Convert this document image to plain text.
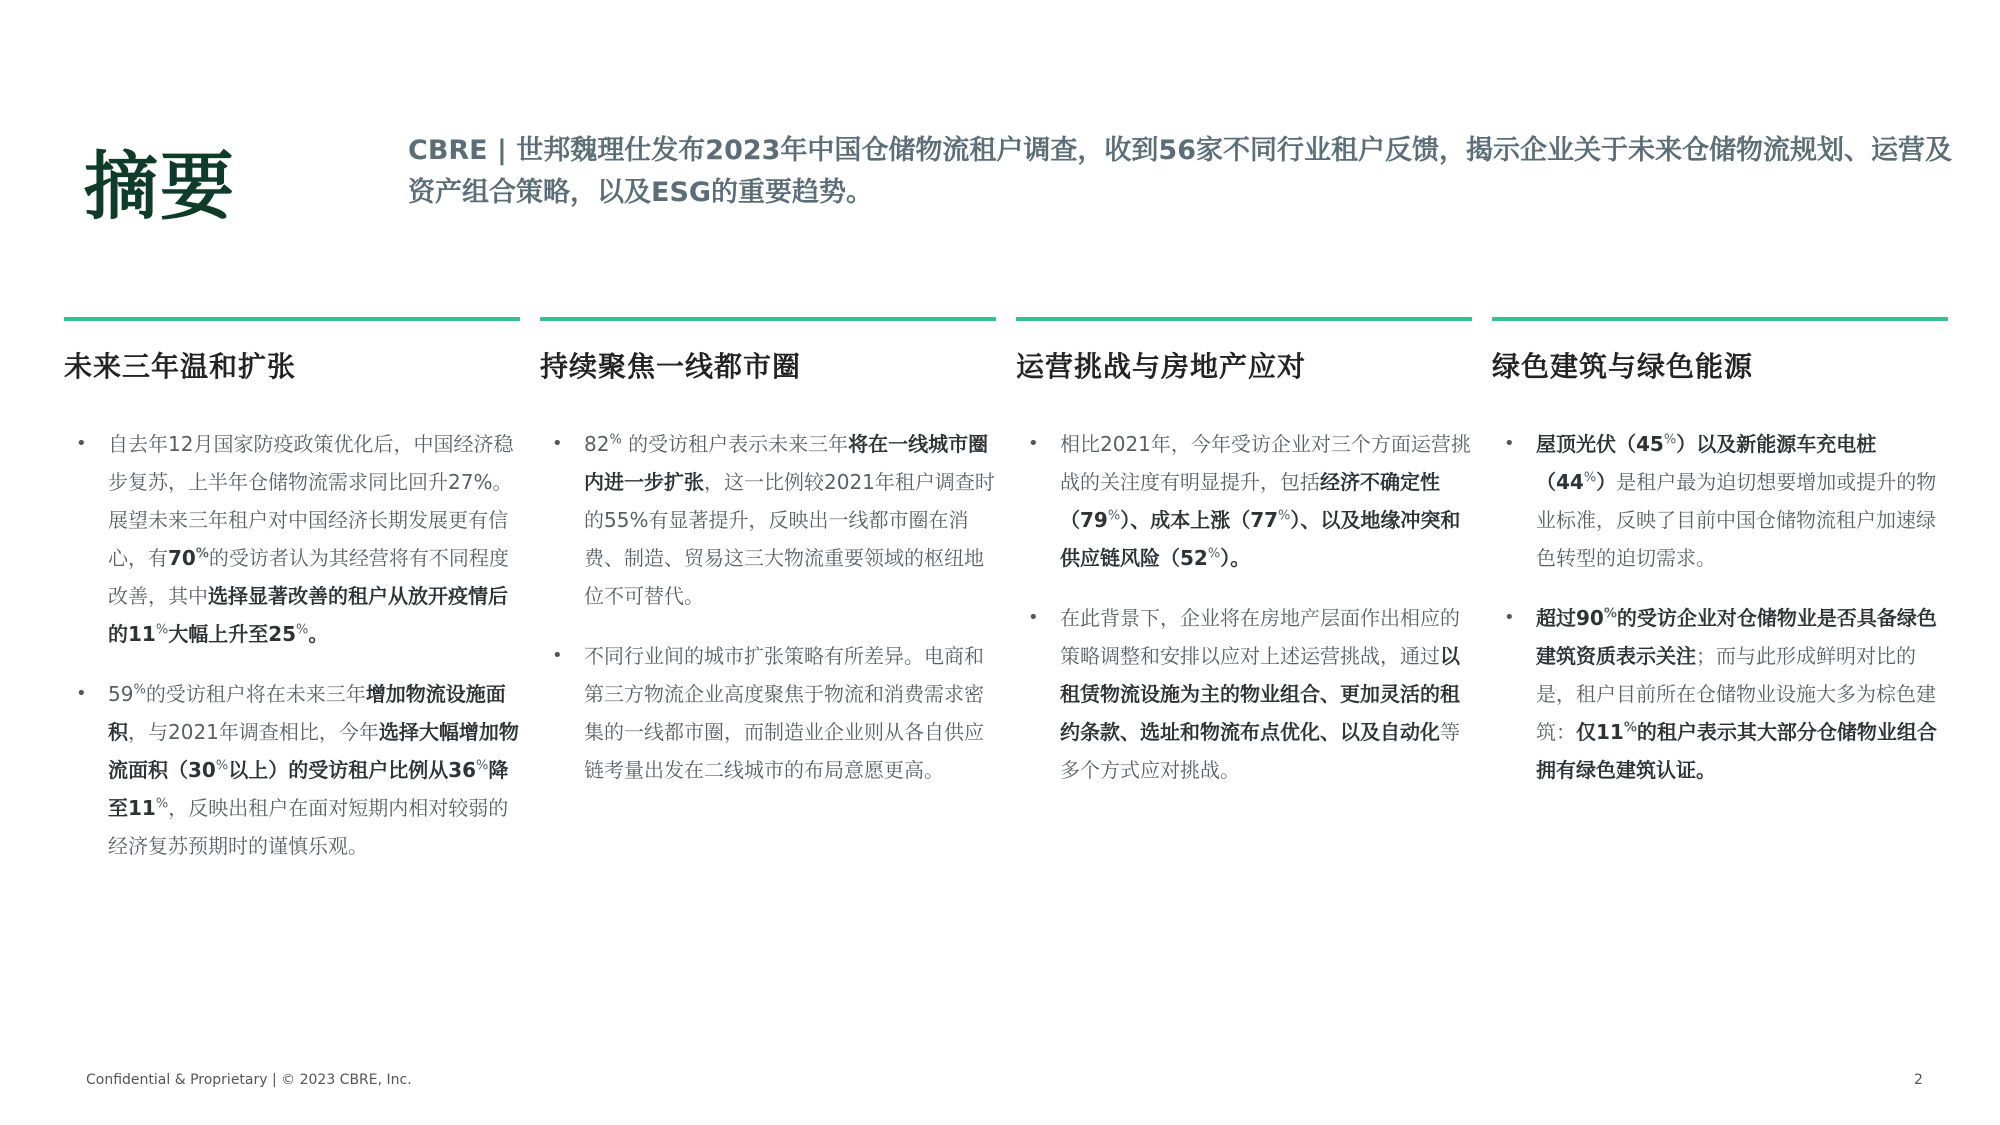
摘要	CBRE | 世邦魏理仕发布2023年中国仓储物流租户调查，收到56家不同行业租户反馈，揭示企业关于未来仓储物流规划、运营及资产组合策略，以及ESG的重要趋势。

未来三年温和扩张
• 自去年12月国家防疫政策优化后，中国经济稳步复苏，上半年仓储物流需求同比回升27%。展望未来三年租户对中国经济长期发展更有信心，有70%的受访者认为其经营将有不同程度改善，其中选择显著改善的租户从放开疫情后的11%大幅上升至25%。
• 59%的受访租户将在未来三年增加物流设施面积，与2021年调查相比，今年选择大幅增加物流面积（30%以上）的受访租户比例从36%降至11%，反映出租户在面对短期内相对较弱的经济复苏预期时的谨慎乐观。
持续聚焦一线都市圈
• 82% 的受访租户表示未来三年将在一线城市圈内进一步扩张，这一比例较2021年租户调查时的55%有显著提升，反映出一线都市圈在消费、制造、贸易这三大物流重要领域的枢纽地位不可替代。
• 不同行业间的城市扩张策略有所差异。电商和第三方物流企业高度聚焦于物流和消费需求密集的一线都市圈，而制造业企业则从各自供应链考量出发在二线城市的布局意愿更高。
运营挑战与房地产应对
• 相比2021年，今年受访企业对三个方面运营挑战的关注度有明显提升，包括经济不确定性（79%）、成本上涨（77%）、以及地缘冲突和供应链风险（52%）。
• 在此背景下，企业将在房地产层面作出相应的策略调整和安排以应对上述运营挑战，通过以租赁物流设施为主的物业组合、更加灵活的租约条款、选址和物流布点优化、以及自动化等多个方式应对挑战。
绿色建筑与绿色能源
• 屋顶光伏（45%）以及新能源车充电桩（44%）是租户最为迫切想要增加或提升的物业标准，反映了目前中国仓储物流租户加速绿色转型的迫切需求。
• 超过90%的受访企业对仓储物业是否具备绿色建筑资质表示关注；而与此形成鲜明对比的是，租户目前所在仓储物业设施大多为棕色建筑：仅11%的租户表示其大部分仓储物业组合拥有绿色建筑认证。
Confidential & Proprietary | © 2023 CBRE, Inc.	2
